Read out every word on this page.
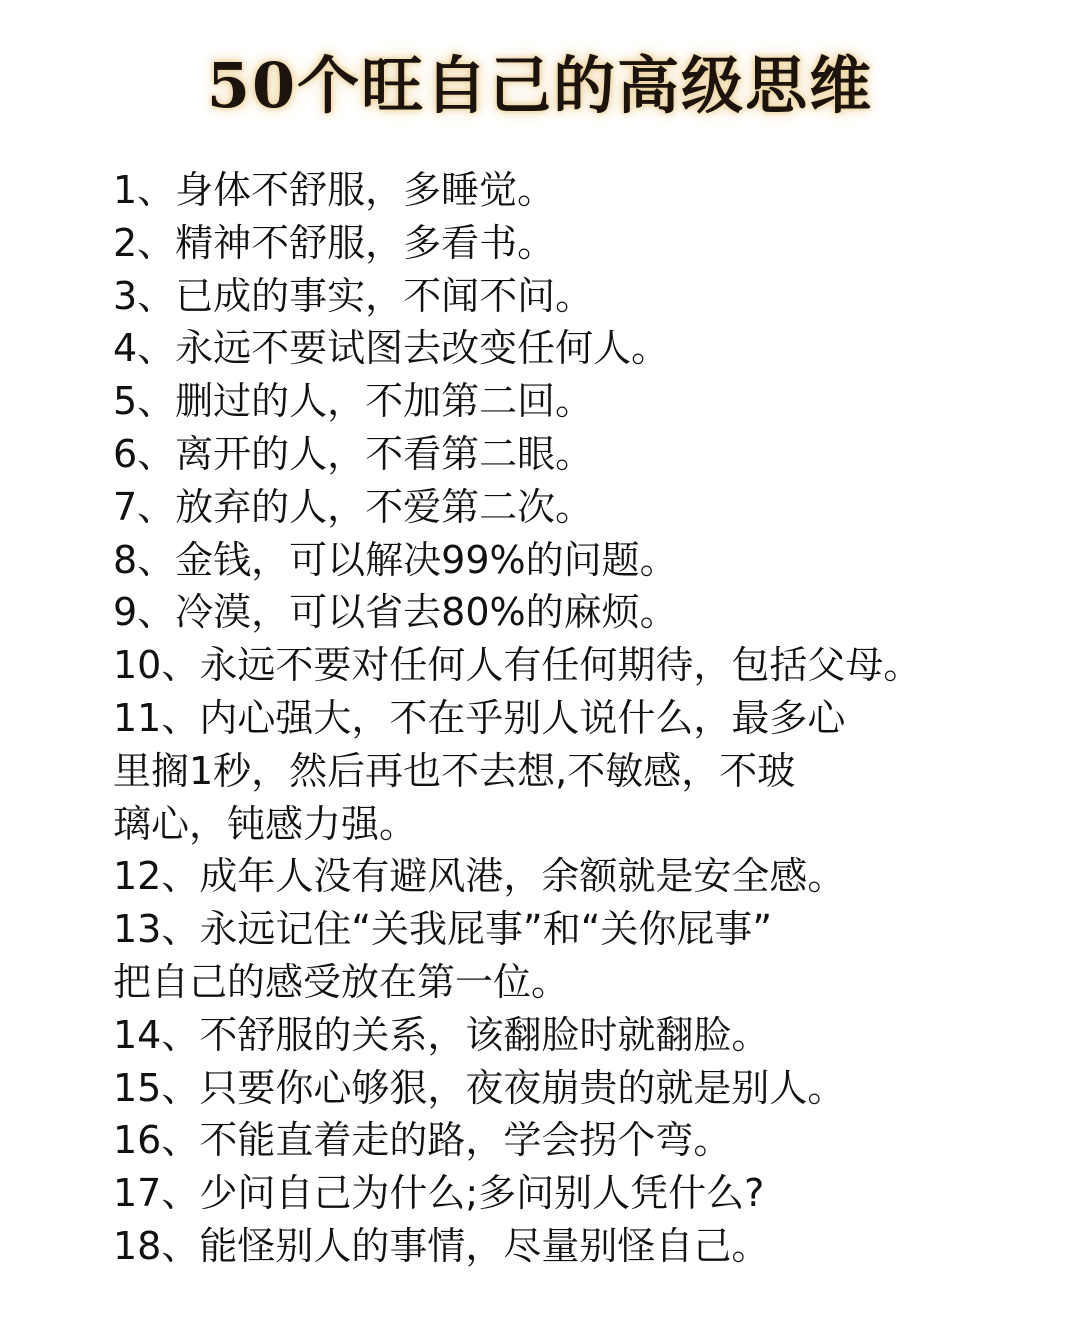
50个旺自己的高级思维
1、身体不舒服，多睡觉。
2、精神不舒服，多看书。
3、已成的事实，不闻不问。
4、永远不要试图去改变任何人。
5、删过的人，不加第二回。
6、离开的人，不看第二眼。
7、放弃的人，不爱第二次。
8、金钱，可以解决99%的问题。
9、冷漠，可以省去80%的麻烦。
10、永远不要对任何人有任何期待，包括父母。
11、内心强大，不在乎别人说什么，最多心
里搁1秒，然后再也不去想,不敏感，不玻
璃心，钝感力强。
12、成年人没有避风港，余额就是安全感。
13、永远记住“关我屁事”和“关你屁事”
把自己的感受放在第一位。
14、不舒服的关系，该翻脸时就翻脸。
15、只要你心够狠，夜夜崩贵的就是别人。
16、不能直着走的路，学会拐个弯。
17、少问自己为什么;多问别人凭什么?
18、能怪别人的事情，尽量别怪自己。
